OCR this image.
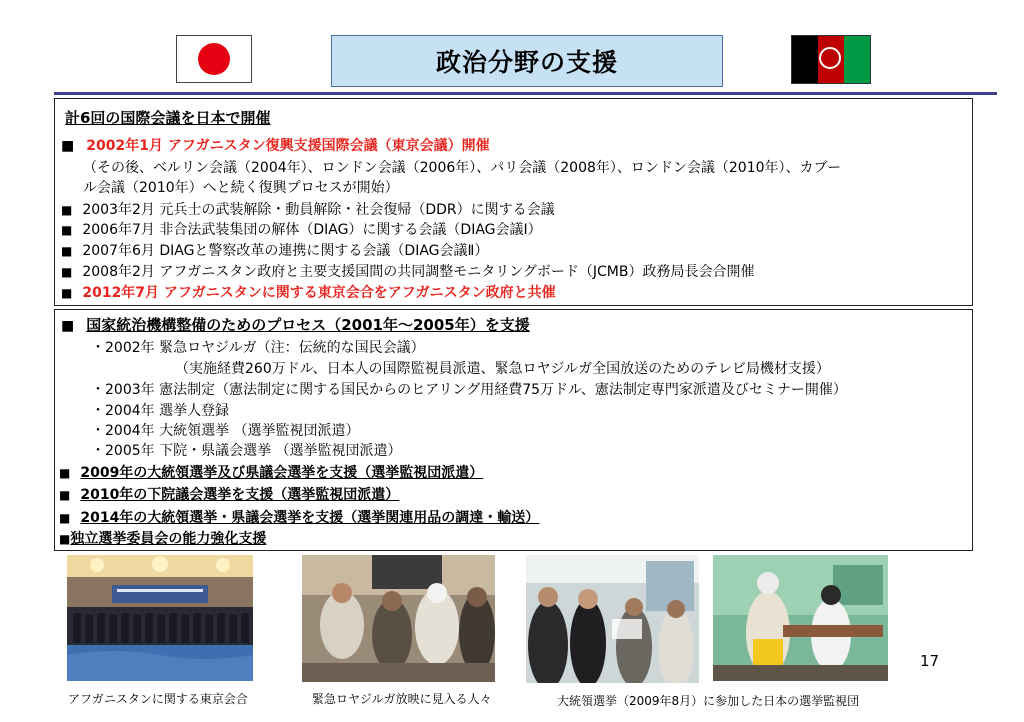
政治分野の支援
計6回の国際会議を日本で開催
■ 2002年1月 アフガニスタン復興支援国際会議（東京会議）開催
（その後、ベルリン会議（2004年）、ロンドン会議（2006年）、パリ会議（2008年）、ロンドン会議（2010年）、カブー
ル会議（2010年）へと続く復興プロセスが開始）
■ 2003年2月 元兵士の武装解除・動員解除・社会復帰（DDR）に関する会議
■ 2006年7月 非合法武装集団の解体（DIAG）に関する会議（DIAG会議Ⅰ）
■ 2007年6月 DIAGと警察改革の連携に関する会議（DIAG会議Ⅱ）
■ 2008年2月 アフガニスタン政府と主要支援国間の共同調整モニタリングボード（JCMB）政務局長会合開催
■ 2012年7月 アフガニスタンに関する東京会合をアフガニスタン政府と共催
■ 国家統治機構整備のためのプロセス（2001年～2005年）を支援
・2002年 緊急ロヤジルガ（注：伝統的な国民会議）
（実施経費260万ドル、日本人の国際監視員派遣、緊急ロヤジルガ全国放送のためのテレビ局機材支援）
・2003年 憲法制定（憲法制定に関する国民からのヒアリング用経費75万ドル、憲法制定専門家派遣及びセミナー開催）
・2004年 選挙人登録
・2004年 大統領選挙 （選挙監視団派遣）
・2005年 下院・県議会選挙 （選挙監視団派遣）
■ 2009年の大統領選挙及び県議会選挙を支援（選挙監視団派遣）
■ 2010年の下院議会選挙を支援（選挙監視団派遣）
■ 2014年の大統領選挙・県議会選挙を支援（選挙関連用品の調達・輸送）
■独立選挙委員会の能力強化支援
アフガニスタンに関する東京会合	緊急ロヤジルガ放映に見入る人々	大統領選挙（2009年8月）に参加した日本の選挙監視団
17
